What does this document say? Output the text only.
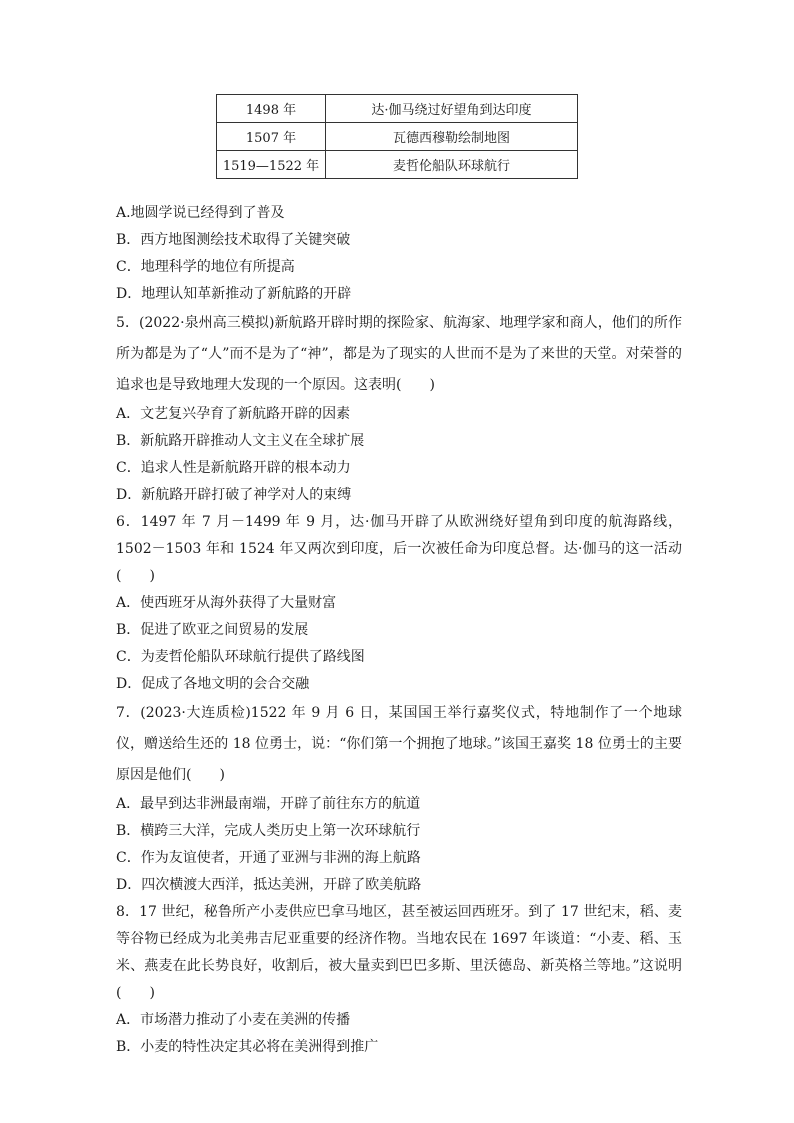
1498 年	达·伽马绕过好望角到达印度
1507 年	瓦德西穆勒绘制地图
1519—1522 年	麦哲伦船队环球航行
A.地圆学说已经得到了普及
B．西方地图测绘技术取得了关键突破
C．地理科学的地位有所提高
D．地理认知革新推动了新航路的开辟
5．(2022·泉州高三模拟)新航路开辟时期的探险家、航海家、地理学家和商人，他们的所作所为都是为了“人”而不是为了“神”，都是为了现实的人世而不是为了来世的天堂。对荣誉的追求也是导致地理大发现的一个原因。这表明(　　)
A．文艺复兴孕育了新航路开辟的因素
B．新航路开辟推动人文主义在全球扩展
C．追求人性是新航路开辟的根本动力
D．新航路开辟打破了神学对人的束缚
6．1497 年 7 月－1499 年 9 月，达·伽马开辟了从欧洲绕好望角到印度的航海路线，1502－1503 年和 1524 年又两次到印度，后一次被任命为印度总督。达·伽马的这一活动(　　)
A．使西班牙从海外获得了大量财富
B．促进了欧亚之间贸易的发展
C．为麦哲伦船队环球航行提供了路线图
D．促成了各地文明的会合交融
7．(2023·大连质检)1522 年 9 月 6 日，某国国王举行嘉奖仪式，特地制作了一个地球仪，赠送给生还的 18 位勇士，说：“你们第一个拥抱了地球。”该国王嘉奖 18 位勇士的主要原因是他们(　　)
A．最早到达非洲最南端，开辟了前往东方的航道
B．横跨三大洋，完成人类历史上第一次环球航行
C．作为友谊使者，开通了亚洲与非洲的海上航路
D．四次横渡大西洋，抵达美洲，开辟了欧美航路
8．17 世纪，秘鲁所产小麦供应巴拿马地区，甚至被运回西班牙。到了 17 世纪末，稻、麦等谷物已经成为北美弗吉尼亚重要的经济作物。当地农民在 1697 年谈道：“小麦、稻、玉米、燕麦在此长势良好，收割后，被大量卖到巴巴多斯、里沃德岛、新英格兰等地。”这说明(　　)
A．市场潜力推动了小麦在美洲的传播
B．小麦的特性决定其必将在美洲得到推广
